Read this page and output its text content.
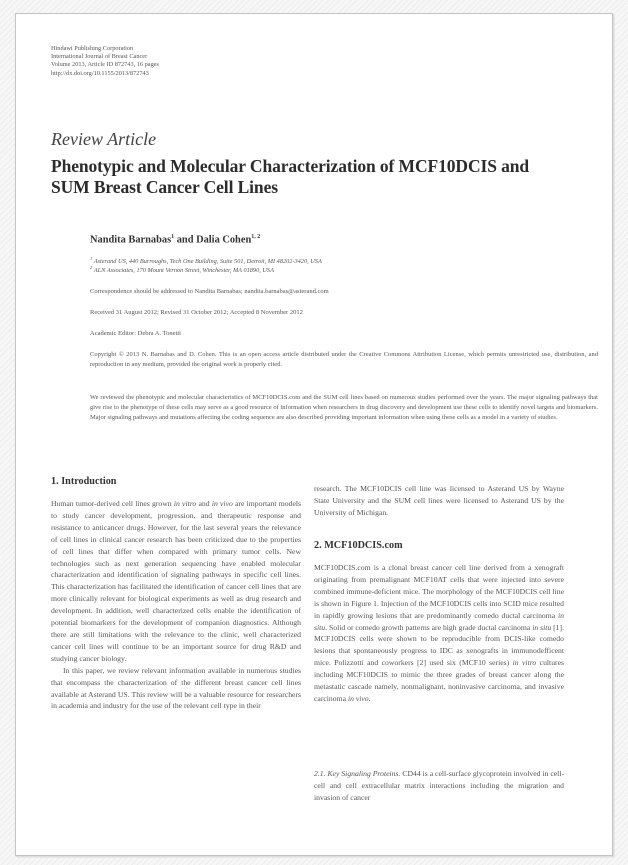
Hindawi Publishing Corporation
International Journal of Breast Cancer
Volume 2013, Article ID 872743, 16 pages
http://dx.doi.org/10.1155/2013/872743
Review Article
Phenotypic and Molecular Characterization of MCF10DCIS and
SUM Breast Cancer Cell Lines
Nandita Barnabas$^1$ and Dalia Cohen$^{1, 2}$
$^1$ Asterand US, 440 Burroughs, Tech One Building, Suite 501, Detroit, MI 48202-3420, USA
$^2$ ALN Associates, 170 Mount Vernon Street, Winchester, MA 01890, USA
Correspondence should be addressed to Nandita Barnabas; nandita.barnabas@asterand.com
Received 31 August 2012; Revised 31 October 2012; Accepted 8 November 2012
Academic Editor: Debra A. Tonetti
Copyright © 2013 N. Barnabas and D. Cohen. This is an open access article distributed under the Creative Commons Attribution License, which permits unrestricted use, distribution, and reproduction in any medium, provided the original work is properly cited.
We reviewed the phenotypic and molecular characteristics of MCF10DCIS.com and the SUM cell lines based on numerous studies performed over the years. The major signaling pathways that give rise to the phenotype of these cells may serve as a good resource of information when researchers in drug discovery and development use these cells to identify novel targets and biomarkers. Major signaling pathways and mutations affecting the coding sequence are also described providing important information when using these cells as a model in a variety of studies.
1. Introduction

Human tumor-derived cell lines grown in vitro and in vivo are important models to study cancer development, progression, and therapeutic response and resistance to anticancer drugs. However, for the last several years the relevance of cell lines in clinical cancer research has been criticized due to the properties of cell lines that differ when compared with primary tumor cells. New technologies such as next generation sequencing have enabled molecular characterization and identification of signaling pathways in specific cell lines. This characterization has facilitated the identification of cancer cell lines that are more clinically relevant for biological experiments as well as drug research and development. In addition, well characterized cells enable the identification of potential biomarkers for the development of companion diagnostics. Although there are still limitations with the relevance to the clinic, well characterized cancer cell lines will continue to be an important source for drug R&D and studying cancer biology.

In this paper, we review relevant information available in numerous studies that encompass the characterization of the different breast cancer cell lines available at Asterand US. This review will be a valuable resource for researchers in academia and industry for the use of the relevant cell type in their

research. The MCF10DCIS cell line was licensed to Asterand US by Wayne State University and the SUM cell lines were licensed to Asterand US by the University of Michigan.
2. MCF10DCIS.com

MCF10DCIS.com is a clonal breast cancer cell line derived from a xenograft originating from premalignant MCF10AT cells that were injected into severe combined immune-deficient mice. The morphology of the MCF10DCIS cell line is shown in Figure 1. Injection of the MCF10DCIS cells into SCID mice resulted in rapidly growing lesions that are predominantly comedo ductal carcinoma in situ. Solid or comedo growth patterns are high grade ductal carcinoma in situ [1]. MCF10DCIS cells were shown to be reproducible from DCIS-like comedo lesions that spontaneously progress to IDC as xenografts in immunodefficent mice. Polizzotti and coworkers [2] used six (MCF10 series) in vitro cultures including MCF10DCIS to mimic the three grades of breast cancer along the metastatic cascade namely, nonmalignant, noninvasive carcinoma, and invasive carcinoma in vivo.

2.1. Key Signaling Proteins. CD44 is a cell-surface glycoprotein involved in cell-cell and cell extracellular matrix interactions including the migration and invasion of cancer
